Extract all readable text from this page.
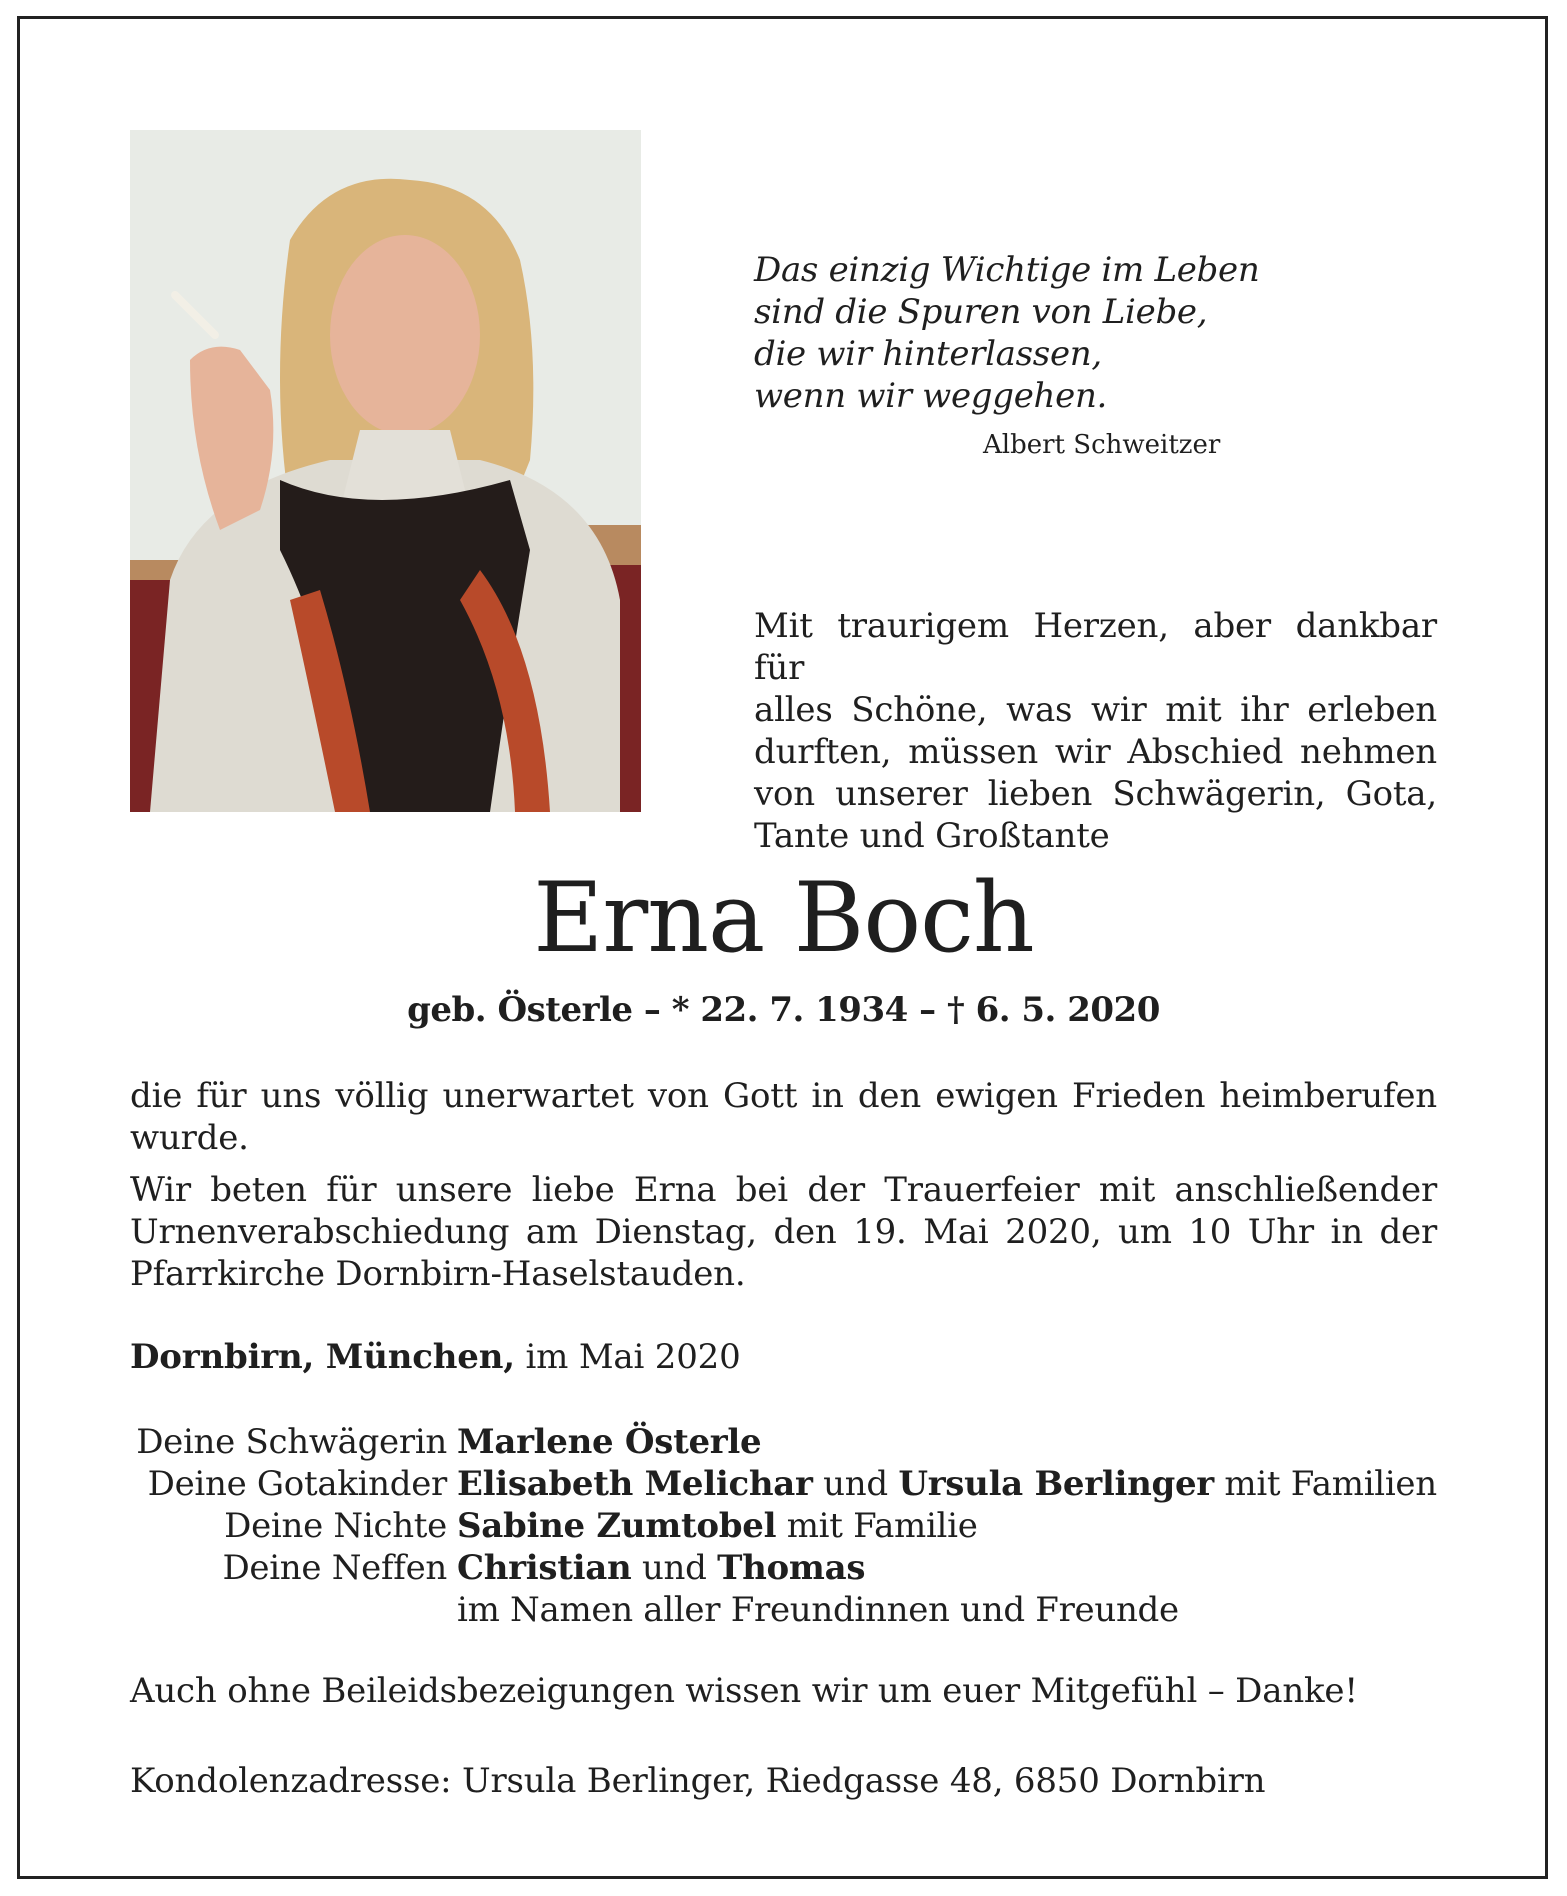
Das einzig Wichtige im Leben
sind die Spuren von Liebe,
die wir hinterlassen,
wenn wir weggehen.
Albert Schweitzer
Mit traurigem Herzen, aber dankbar für
alles Schöne, was wir mit ihr erleben
durften, müssen wir Abschied nehmen
von unserer lieben Schwägerin, Gota,
Tante und Großtante
Erna Boch
geb. Österle – * 22. 7. 1934 – † 6. 5. 2020
die für uns völlig unerwartet von Gott in den ewigen Frieden heimberufen
wurde.
Wir beten für unsere liebe Erna bei der Trauerfeier mit anschließender
Urnenverabschiedung am Dienstag, den 19. Mai 2020, um 10 Uhr in der
Pfarrkirche Dornbirn-Haselstauden.
Dornbirn, München, im Mai 2020
Deine Schwägerin Marlene Österle
Deine Gotakinder Elisabeth Melichar und Ursula Berlinger mit Familien
Deine Nichte Sabine Zumtobel mit Familie
Deine Neffen Christian und Thomas
im Namen aller Freundinnen und Freunde
Auch ohne Beileidsbezeigungen wissen wir um euer Mitgefühl – Danke!
Kondolenzadresse: Ursula Berlinger, Riedgasse 48, 6850 Dornbirn
